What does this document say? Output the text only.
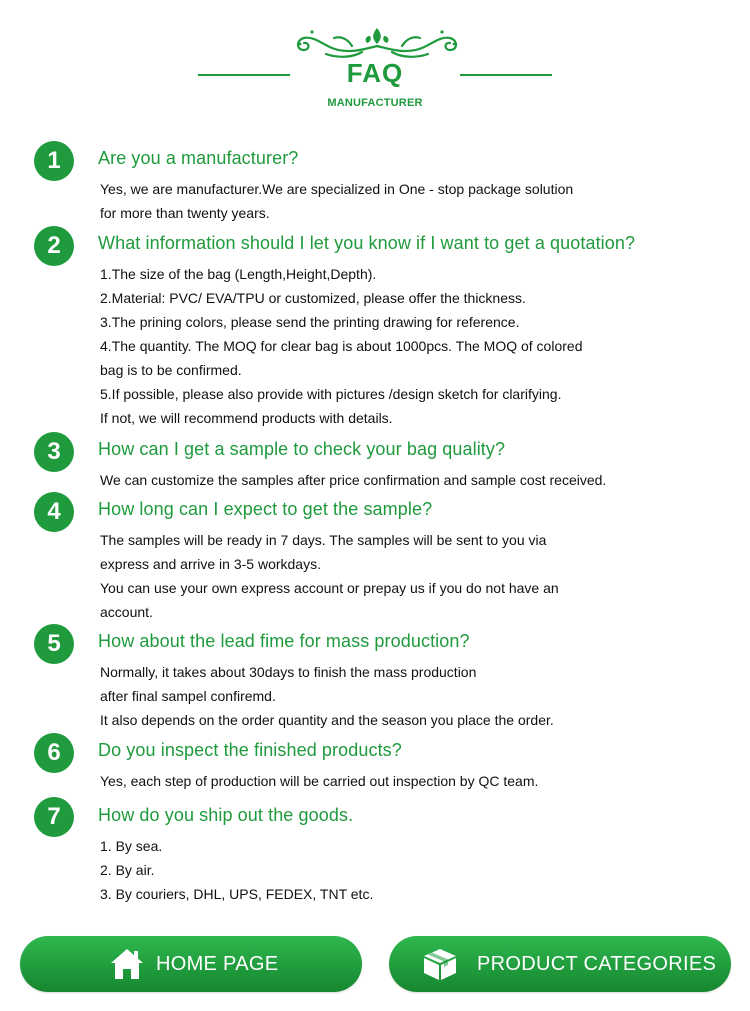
FAQ
MANUFACTURER
1	Are you a manufacturer?
Yes, we are manufacturer.We are specialized in One - stop package solution
for more than twenty years.
2	What information should I let you know if I want to get a quotation?
1.The size of the bag (Length,Height,Depth).
2.Material: PVC/ EVA/TPU or customized, please offer the thickness.
3.The prining colors, please send the printing drawing for reference.
4.The quantity. The MOQ for clear bag is about 1000pcs. The MOQ of colored
bag is to be confirmed.
5.If possible, please also provide with pictures /design sketch for clarifying.
If not, we will recommend products with details.
3	How can I get a sample to check your bag quality?
We can customize the samples after price confirmation and sample cost received.
4	How long can I expect to get the sample?
The samples will be ready in 7 days. The samples will be sent to you via
express and arrive in 3-5 workdays.
You can use your own express account or prepay us if you do not have an
account.
5	How about the lead fime for mass production?
Normally, it takes about 30days to finish the mass production
after final sampel confiremd.
It also depends on the order quantity and the season you place the order.
6	Do you inspect the finished products?
Yes, each step of production will be carried out inspection by QC team.
7	How do you ship out the goods.
1. By sea.
2. By air.
3. By couriers, DHL, UPS, FEDEX, TNT etc.
HOME PAGE	PRODUCT CATEGORIES
